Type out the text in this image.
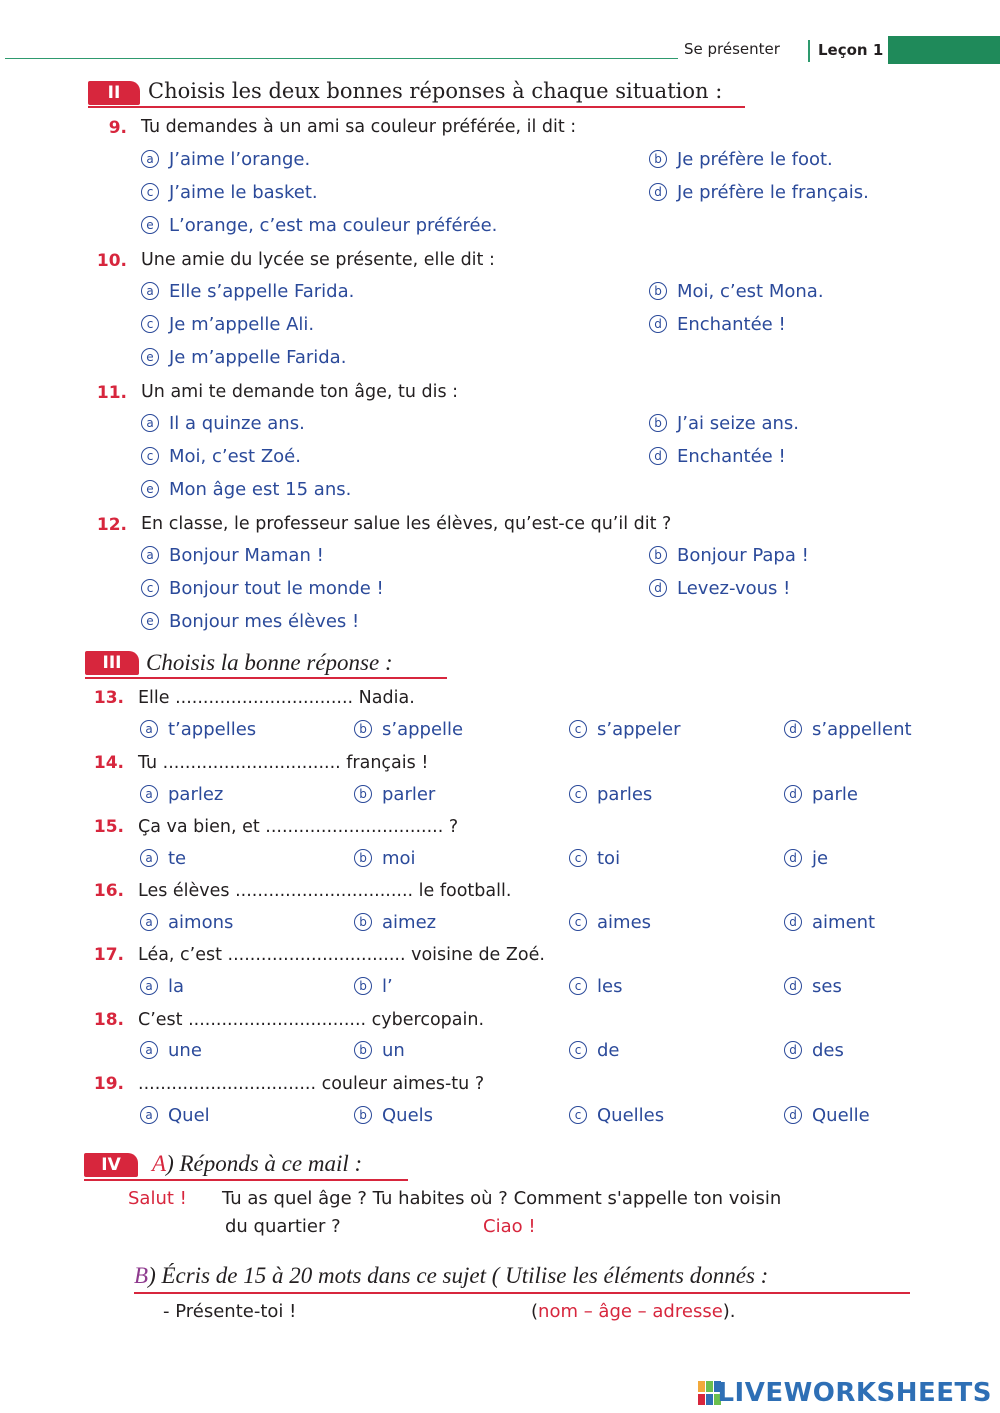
Se présenter	Leçon 1
II	Choisis les deux bonnes réponses à chaque situation :
9. Tu demandes à un ami sa couleur préférée, il dit :
a J’aime l’orange.	b Je préfère le foot.
c J’aime le basket.	d Je préfère le français.
e L’orange, c’est ma couleur préférée.
10. Une amie du lycée se présente, elle dit :
a Elle s’appelle Farida.	b Moi, c’est Mona.
c Je m’appelle Ali.	d Enchantée !
e Je m’appelle Farida.
11. Un ami te demande ton âge, tu dis :
a Il a quinze ans.	b J’ai seize ans.
c Moi, c’est Zoé.	d Enchantée !
e Mon âge est 15 ans.
12. En classe, le professeur salue les élèves, qu’est-ce qu’il dit ?
a Bonjour Maman !	b Bonjour Papa !
c Bonjour tout le monde !	d Levez-vous !
e Bonjour mes élèves !
III	Choisis la bonne réponse :
13. Elle ................................ Nadia.
a t’appelles	b s’appelle	c s’appeler	d s’appellent
14. Tu ................................ français !
a parlez	b parler	c parles	d parle
15. Ça va bien, et ................................ ?
a te	b moi	c toi	d je
16. Les élèves ................................ le football.
a aimons	b aimez	c aimes	d aiment
17. Léa, c’est ................................ voisine de Zoé.
a la	b l’	c les	d ses
18. C’est ................................ cybercopain.
a une	b un	c de	d des
19. ................................ couleur aimes-tu ?
a Quel	b Quels	c Quelles	d Quelle
IV	A) Réponds à ce mail :
Salut ! Tu as quel âge ? Tu habites où ? Comment s'appelle ton voisin
du quartier ?	Ciao !
B) Écris de 15 à 20 mots dans ce sujet ( Utilise les éléments donnés :
- Présente-toi !	(nom – âge – adresse).
LIVEWORKSHEETS
